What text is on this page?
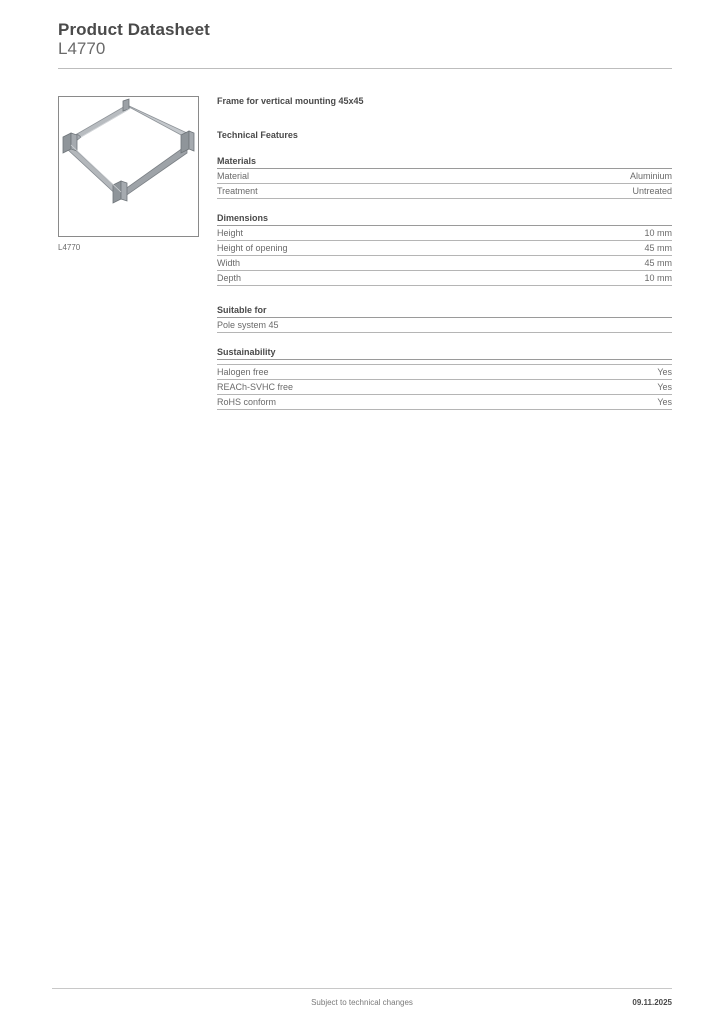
Product Datasheet
L4770
L4770
Frame for vertical mounting 45x45
Technical Features
Materials
Material	Aluminium
Treatment	Untreated
Dimensions
Height	10 mm
Height of opening	45 mm
Width	45 mm
Depth	10 mm
Suitable for
Pole system 45
Sustainability
Halogen free	Yes
REACh-SVHC free	Yes
RoHS conform	Yes
Subject to technical changes	09.11.2025
